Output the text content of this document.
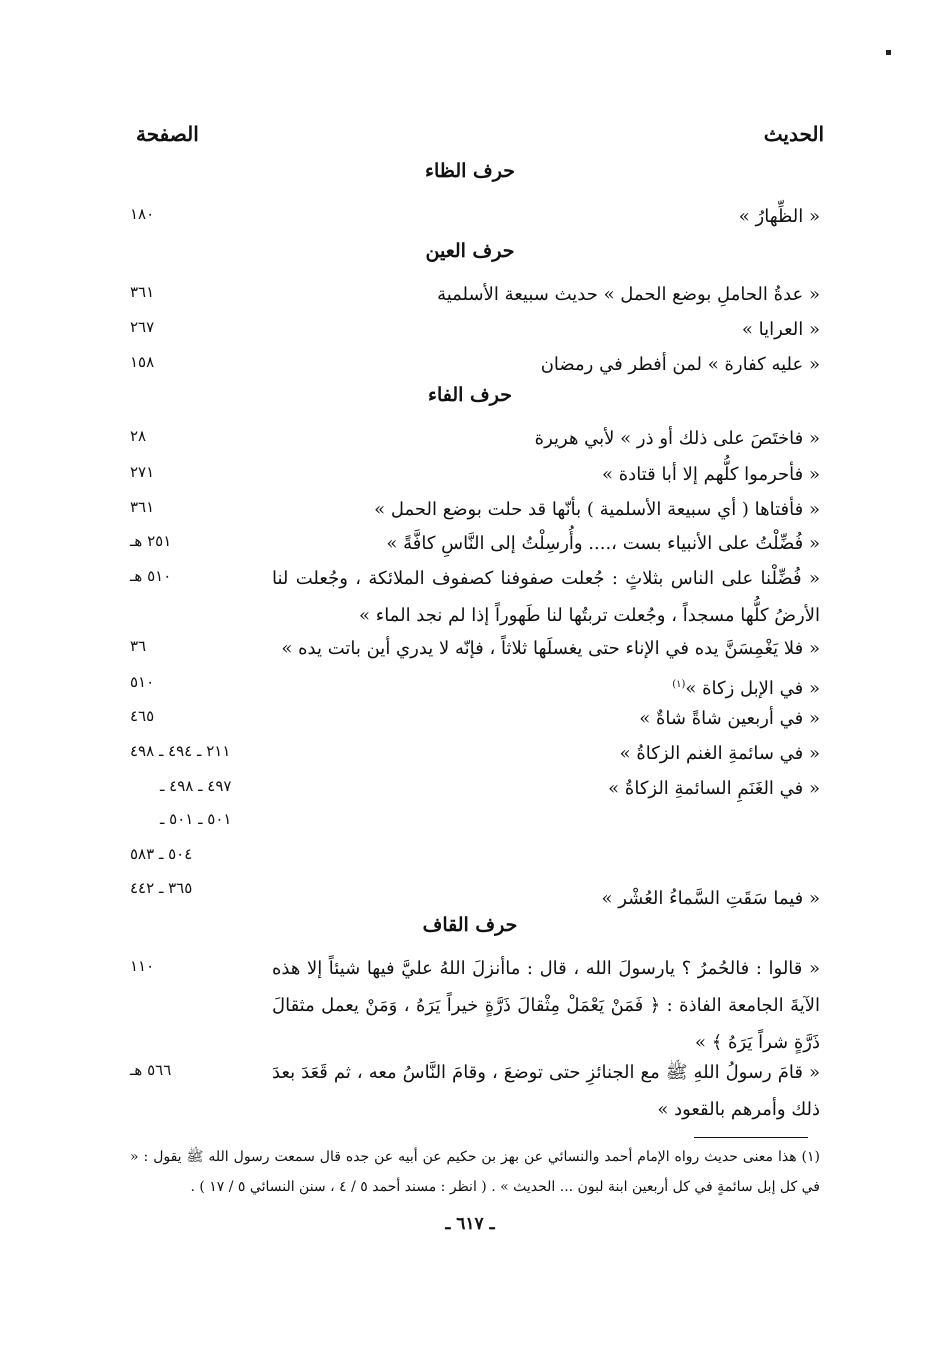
الحديث
الصفحة
حرف الظاء
« الظِّهارُ »
١٨٠
حرف العين
« عدةُ الحاملِ بوضع الحمل » حديث سبيعة الأسلمية
٣٦١
« العرايا »
٢٦٧
« عليه كفارة » لمن أفطر في رمضان
١٥٨
حرف الفاء
« فاختَصَ على ذلك أو ذر » لأبي هريرة
٢٨
« فأحرموا كلُّهم إلا أبا قتادة »
٢٧١
« فأفتاها ( أي سبيعة الأسلمية ) بأنّها قد حلت بوضع الحمل »
٣٦١
« فُضِّلْتُ على الأنبياء بست ،.... وأُرسِلْتُ إلى النَّاسِ كافَّةً »
٢٥١ هـ
« فُضِّلْنا على الناس بثلاثٍ : جُعلت صفوفنا كصفوف الملائكة ، وجُعلت لنا الأرضُ كلُّها مسجداً ، وجُعلت تربتُها لنا طَهوراً إذا لم نجد الماء »
٥١٠ هـ
« فلا يَغْمِسَنَّ يده في الإناء حتى يغسلَها ثلاثاً ، فإنّه لا يدري أين باتت يده »
٣٦
« في الإبل زكاة »$^{(١)}$
٥١٠
« في أربعين شاةً شاةٌ »
٤٦٥
« في سائمةِ الغنم الزكاةُ »
٢١١ ـ ٤٩٤ ـ ٤٩٨
« في الغَنَمِ السائمةِ الزكاةُ »
٤٩٧ ـ ٤٩٨ ـ
٥٠١ ـ ٥٠١ ـ
٥٠٤ ـ ٥٨٣
« فيما سَقَتِ السَّماءُ العُشْر »
٣٦٥ ـ ٤٤٢
حرف القاف
« قالوا : فالحُمرُ ؟ يارسولَ الله ، قال : ماأنزلَ اللهُ عليَّ فيها شيئاً إلا هذه الآيةَ الجامعة الفاذة : ﴿ فَمَنْ يَعْمَلْ مِثْقالَ ذَرَّةٍ خيراً يَرَهُ ، وَمَنْ يعمل مثقالَ ذَرَّةٍ شراً يَرَهُ ﴾ »
١١٠
« قامَ رسولُ اللهِ ﷺ مع الجنائزِ حتى توضعَ ، وقامَ النَّاسُ معه ، ثم قَعَدَ بعدَ ذلك وأمرهم بالقعود »
٥٦٦ هـ
(١) هذا معنى حديث رواه الإمام أحمد والنسائي عن بهز بن حكيم عن أبيه عن جده قال سمعت رسول الله ﷺ يقول : « في كل إبل سائمةٍ في كل أربعين ابنة لبون ... الحديث » . ( انظر : مسند أحمد ٥ / ٤ ، سنن النسائي ٥ / ١٧ ) .
ـ ٦١٧ ـ
